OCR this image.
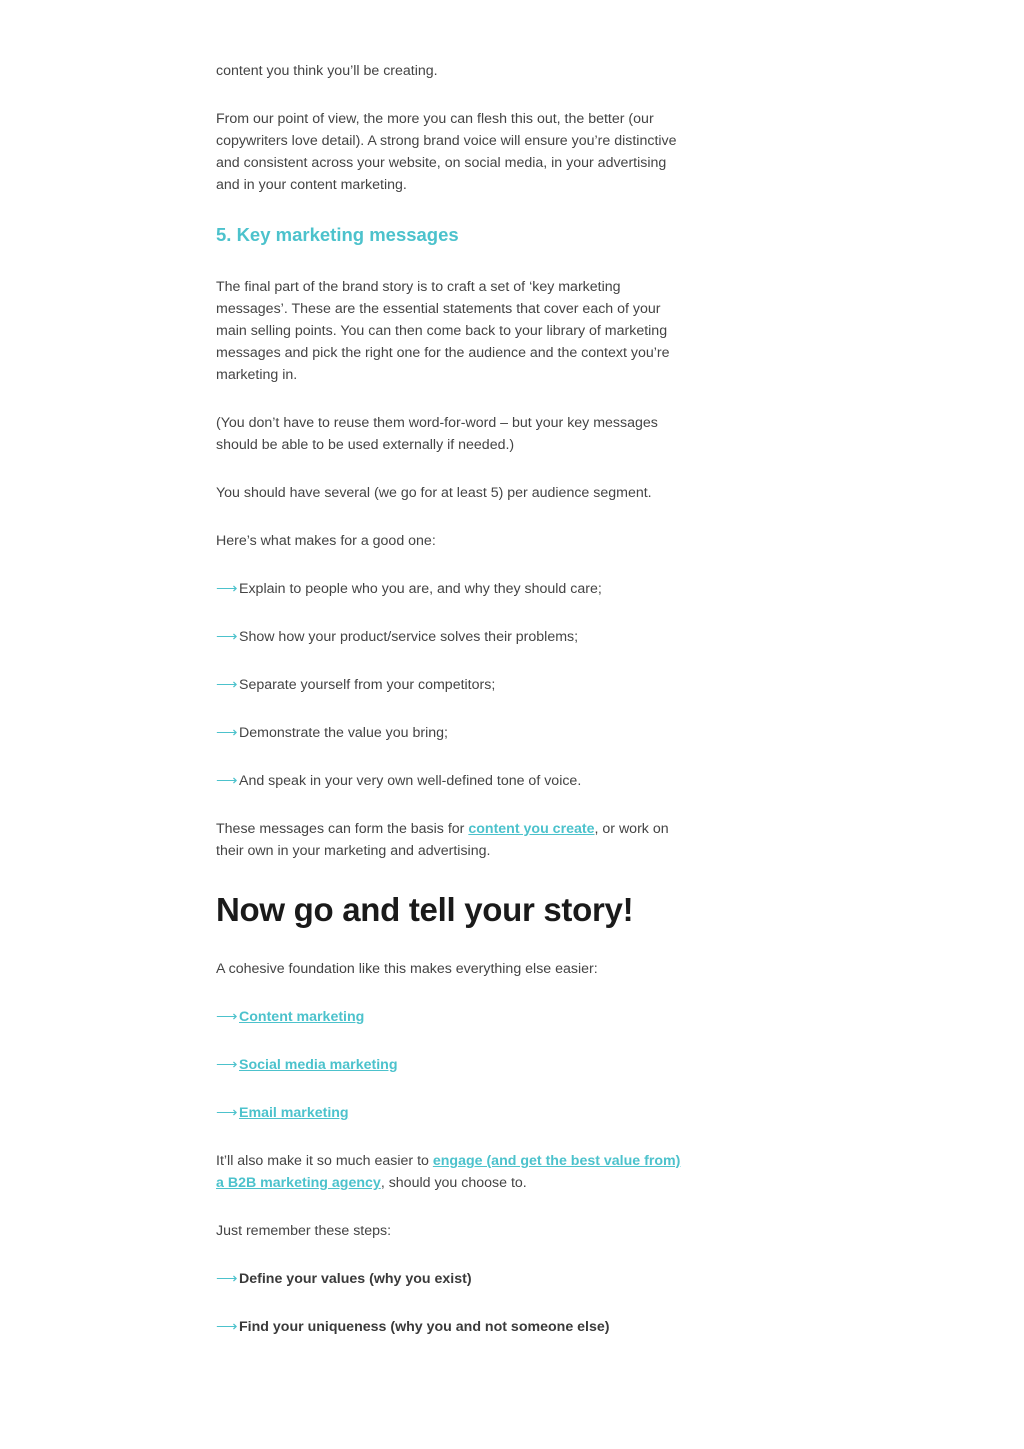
content you think you’ll be creating.

From our point of view, the more you can flesh this out, the better (our copywriters love detail). A strong brand voice will ensure you’re distinctive and consistent across your website, on social media, in your advertising and in your content marketing.

5. Key marketing messages

The final part of the brand story is to craft a set of ‘key marketing messages’. These are the essential statements that cover each of your main selling points. You can then come back to your library of marketing messages and pick the right one for the audience and the context you’re marketing in.

(You don’t have to reuse them word-for-word – but your key messages should be able to be used externally if needed.)

You should have several (we go for at least 5) per audience segment.

Here’s what makes for a good one:

⟶ Explain to people who you are, and why they should care;
⟶ Show how your product/service solves their problems;
⟶ Separate yourself from your competitors;
⟶ Demonstrate the value you bring;
⟶ And speak in your very own well-defined tone of voice.

These messages can form the basis for content you create, or work on their own in your marketing and advertising.

Now go and tell your story!

A cohesive foundation like this makes everything else easier:

⟶ Content marketing
⟶ Social media marketing
⟶ Email marketing

It’ll also make it so much easier to engage (and get the best value from) a B2B marketing agency, should you choose to.

Just remember these steps:

⟶ Define your values (why you exist)
⟶ Find your uniqueness (why you and not someone else)
